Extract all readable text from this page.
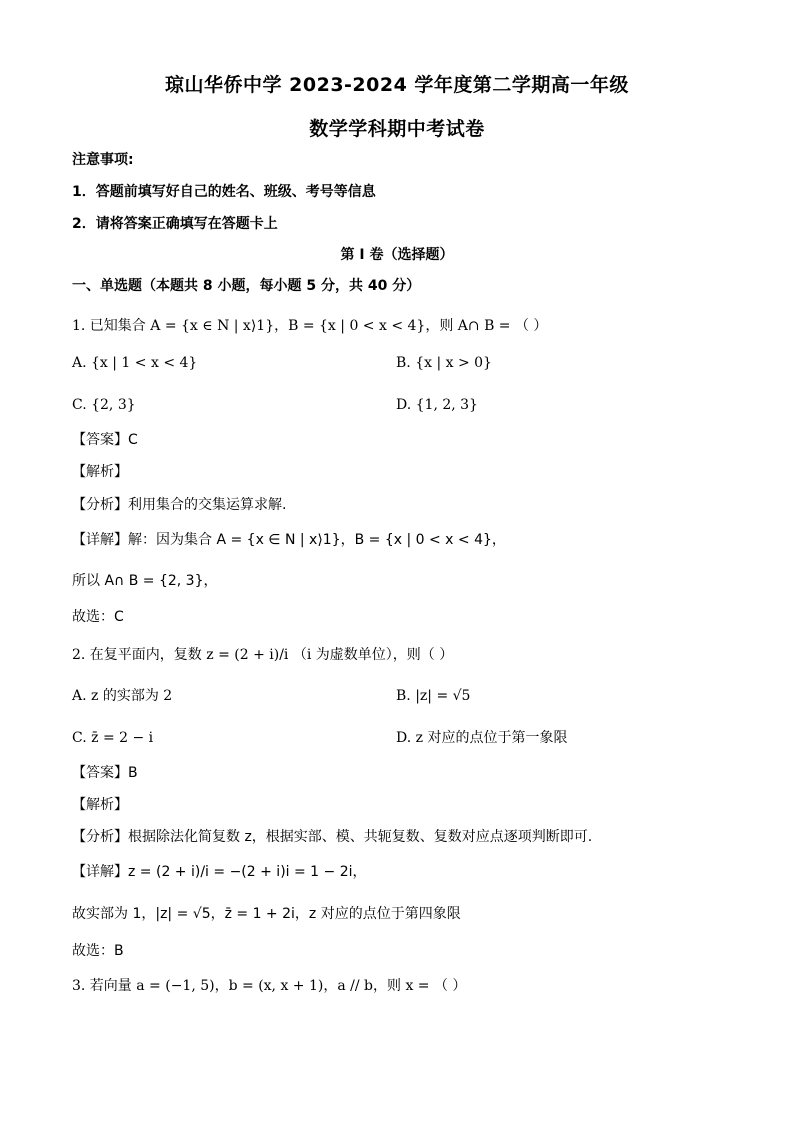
琼山华侨中学 2023-2024 学年度第二学期高一年级
数学学科期中考试卷
注意事项:
1．答题前填写好自己的姓名、班级、考号等信息
2．请将答案正确填写在答题卡上
第 I 卷（选择题）
一、单选题（本题共 8 小题，每小题 5 分，共 40 分）
1. 已知集合 A = {x ∈ N | x⟩1}，B = {x | 0 < x < 4}，则 A∩ B = （ ）
A. {x | 1 < x < 4}	B. {x | x > 0}
C. {2, 3}	D. {1, 2, 3}
【答案】C
【解析】
【分析】利用集合的交集运算求解.
【详解】解：因为集合 A = {x ∈ N | x⟩1}，B = {x | 0 < x < 4}，
所以 A∩ B = {2, 3}，
故选：C
2. 在复平面内，复数 z = (2 + i)/i （i 为虚数单位），则（ ）
A. z 的实部为 2	B. |z| = √5
C. z̄ = 2 − i	D. z 对应的点位于第一象限
【答案】B
【解析】
【分析】根据除法化简复数 z，根据实部、模、共轭复数、复数对应点逐项判断即可.
【详解】z = (2 + i)/i = −(2 + i)i = 1 − 2i，
故实部为 1，|z| = √5，z̄ = 1 + 2i，z 对应的点位于第四象限
故选：B
3. 若向量 a = (−1, 5)，b = (x, x + 1)，a // b，则 x = （ ）
